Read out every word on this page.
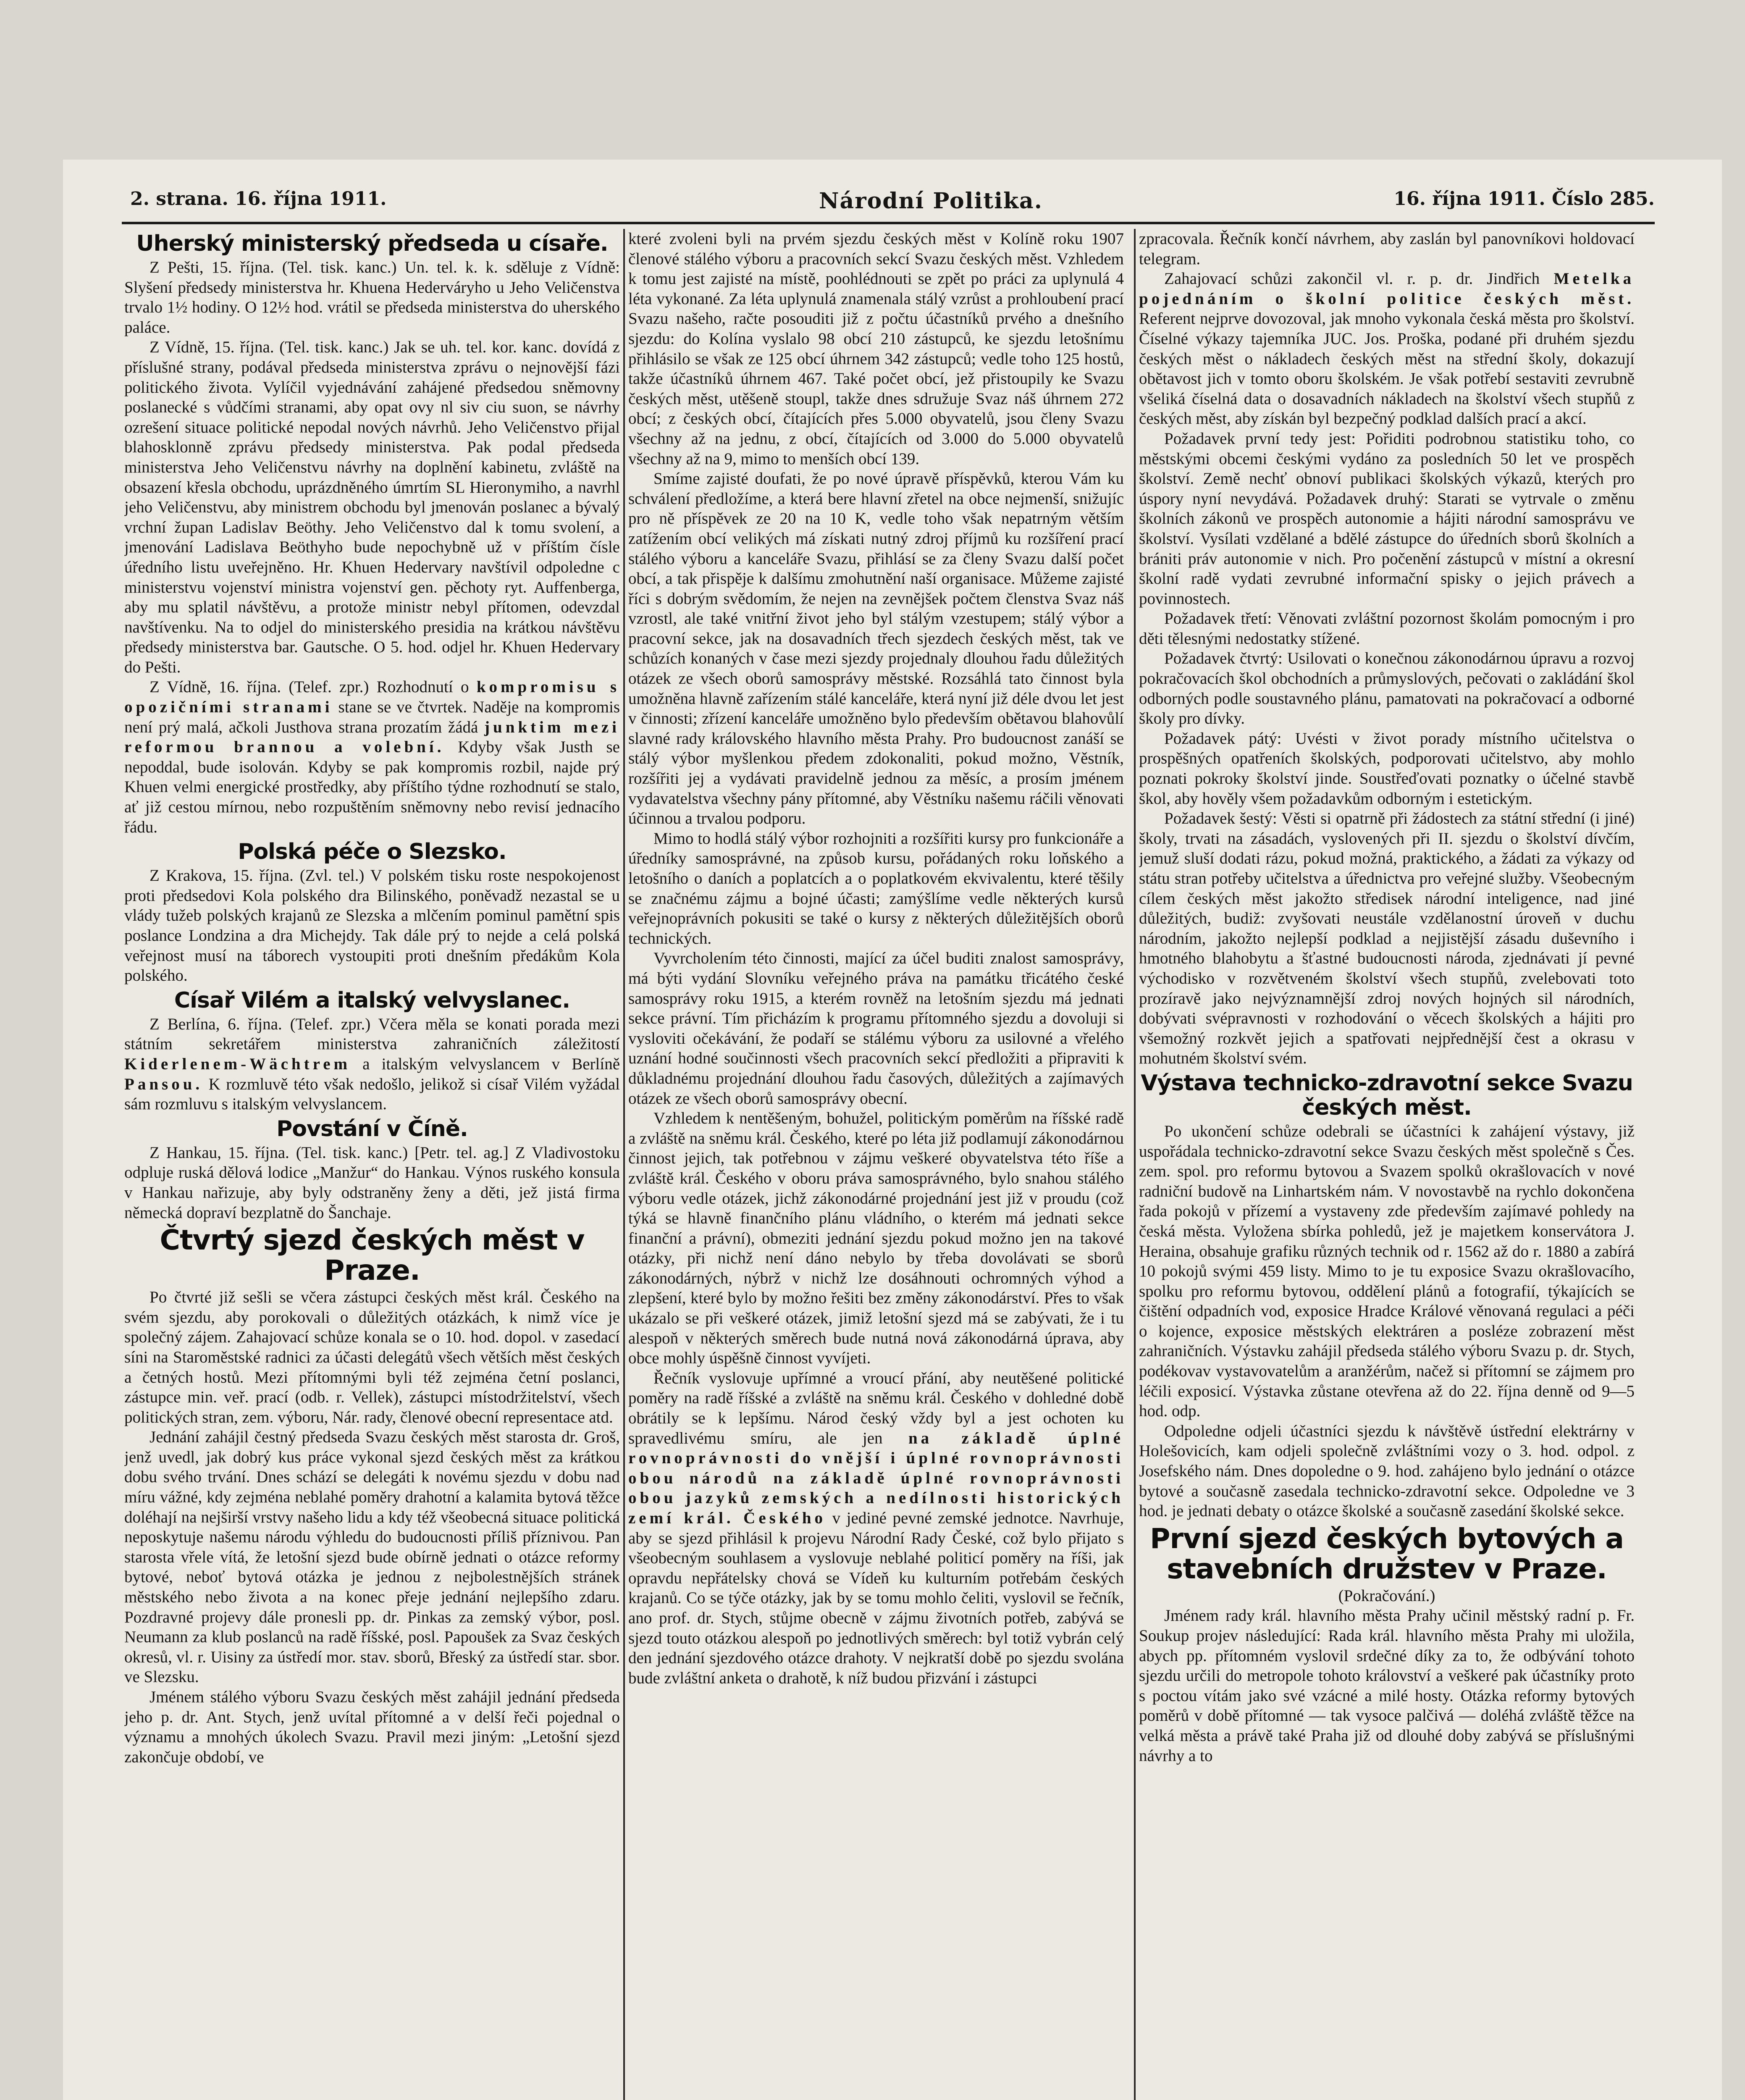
2. strana. 16. října 1911.	Národní Politika.	16. října 1911. Číslo 285.
Uherský ministerský předseda u císaře.

Z Pešti, 15. října. (Tel. tisk. kanc.) Un. tel. k. k. sděluje z Vídně: Slyšení předsedy ministerstva hr. Khuena Hederváryho u Jeho Veličenstva trvalo 1½ hodiny. O 12½ hod. vrátil se předseda ministerstva do uherského paláce.

Z Vídně, 15. října. (Tel. tisk. kanc.) Jak se uh. tel. kor. kanc. dovídá z příslušné strany, podával předseda ministerstva zprávu o nejnovější fázi politického života. Vylíčil vyjednávání zahájené předsedou sněmovny poslanecké s vůdčími stranami, aby opat ovy nl siv ciu suon, se návrhy ozrešení situace politické nepodal nových návrhů. Jeho Veličenstvo přijal blahosklonně zprávu předsedy ministerstva. Pak podal předseda ministerstva Jeho Veličenstvu návrhy na doplnění kabinetu, zvláště na obsazení křesla obchodu, uprázdněného úmrtím SL Hieronymiho, a navrhl jeho Veličenstvu, aby ministrem obchodu byl jmenován poslanec a bývalý vrchní župan Ladislav Beöthy. Jeho Veličenstvo dal k tomu svolení, a jmenování Ladislava Beöthyho bude nepochybně už v příštím čísle úředního listu uveřejněno. Hr. Khuen Hedervary navštívil odpoledne c ministerstvu vojenství ministra vojenství gen. pěchoty ryt. Auffenberga, aby mu splatil návštěvu, a protože ministr nebyl přítomen, odevzdal navštívenku. Na to odjel do ministerského presidia na krátkou návštěvu předsedy ministerstva bar. Gautsche. O 5. hod. odjel hr. Khuen Hedervary do Pešti.

Z Vídně, 16. října. (Telef. zpr.) Rozhodnutí o kompromisu s opozičními stranami stane se ve čtvrtek. Naděje na kompromis není prý malá, ačkoli Justhova strana prozatím žádá junktim mezi reformou brannou a volební. Kdyby však Justh se nepoddal, bude isolován. Kdyby se pak kompromis rozbil, najde prý Khuen velmi energické prostředky, aby příštího týdne rozhodnutí se stalo, ať již cestou mírnou, nebo rozpuštěním sněmovny nebo revisí jednacího řádu.

Polská péče o Slezsko.

Z Krakova, 15. října. (Zvl. tel.) V polském tisku roste nespokojenost proti předsedovi Kola polského dra Bilinského, poněvadž nezastal se u vlády tužeb polských krajanů ze Slezska a mlčením pominul pamětní spis poslance Londzina a dra Michejdy. Tak dále prý to nejde a celá polská veřejnost musí na táborech vystoupiti proti dnešním předákům Kola polského.

Císař Vilém a italský velvyslanec.

Z Berlína, 6. října. (Telef. zpr.) Včera měla se konati porada mezi státním sekretářem ministerstva zahraničních záležitostí Kiderlenem-Wächtrem a italským velvyslancem v Berlíně Pansou. K rozmluvě této však nedošlo, jelikož si císař Vilém vyžádal sám rozmluvu s italským velvyslancem.

Povstání v Číně.

Z Hankau, 15. října. (Tel. tisk. kanc.) [Petr. tel. ag.] Z Vladivostoku odpluje ruská dělová lodice „Manžur“ do Hankau. Výnos ruského konsula v Hankau nařizuje, aby byly odstraněny ženy a děti, jež jistá firma německá dopraví bezplatně do Šanchaje.

Čtvrtý sjezd českých měst v Praze.

Po čtvrté již sešli se včera zástupci českých měst král. Českého na svém sjezdu, aby porokovali o důležitých otázkách, k nimž více je společný zájem. Zahajovací schůze konala se o 10. hod. dopol. v zasedací síni na Staroměstské radnici za účasti delegátů všech větších měst českých a četných hostů. Mezi přítomnými byli též zejména četní poslanci, zástupce min. veř. prací (odb. r. Vellek), zástupci místodržitelství, všech politických stran, zem. výboru, Nár. rady, členové obecní representace atd.

Jednání zahájil čestný předseda Svazu českých měst starosta dr. Groš, jenž uvedl, jak dobrý kus práce vykonal sjezd českých měst za krátkou dobu svého trvání. Dnes schází se delegáti k novému sjezdu v dobu nad míru vážné, kdy zejména neblahé poměry drahotní a kalamita bytová těžce doléhají na nejširší vrstvy našeho lidu a kdy též všeobecná situace politická neposkytuje našemu národu výhledu do budoucnosti příliš příznivou. Pan starosta vřele vítá, že letošní sjezd bude obírně jednati o otázce reformy bytové, neboť bytová otázka je jednou z nejbolestnějších stránek městského nebo života a na konec přeje jednání nejlepšího zdaru. Pozdravné projevy dále pronesli pp. dr. Pinkas za zemský výbor, posl. Neumann za klub poslanců na radě říšské, posl. Papoušek za Svaz českých okresů, vl. r. Uisiny za ústředí mor. stav. sborů, Břeský za ústředí star. sbor. ve Slezsku.

Jménem stálého výboru Svazu českých měst zahájil jednání předseda jeho p. dr. Ant. Stych, jenž uvítal přítomné a v delší řeči pojednal o významu a mnohých úkolech Svazu. Pravil mezi jiným: „Letošní sjezd zakončuje období, ve

které zvoleni byli na prvém sjezdu českých měst v Kolíně roku 1907 členové stálého výboru a pracovních sekcí Svazu českých měst. Vzhledem k tomu jest zajisté na místě, poohlédnouti se zpět po práci za uplynulá 4 léta vykonané. Za léta uplynulá znamenala stálý vzrůst a prohloubení prací Svazu našeho, račte posouditi již z počtu účastníků prvého a dnešního sjezdu: do Kolína vyslalo 98 obcí 210 zástupců, ke sjezdu letošnímu přihlásilo se však ze 125 obcí úhrnem 342 zástupců; vedle toho 125 hostů, takže účastníků úhrnem 467. Také počet obcí, jež přistoupily ke Svazu českých měst, utěšeně stoupl, takže dnes sdružuje Svaz náš úhrnem 272 obcí; z českých obcí, čítajících přes 5.000 obyvatelů, jsou členy Svazu všechny až na jednu, z obcí, čítajících od 3.000 do 5.000 obyvatelů všechny až na 9, mimo to menších obcí 139.

Smíme zajisté doufati, že po nové úpravě příspěvků, kterou Vám ku schválení předložíme, a která bere hlavní zřetel na obce nejmenší, snižujíc pro ně příspěvek ze 20 na 10 K, vedle toho však nepatrným větším zatížením obcí velikých má získati nutný zdroj příjmů ku rozšíření prací stálého výboru a kanceláře Svazu, přihlásí se za členy Svazu další počet obcí, a tak přispěje k dalšímu zmohutnění naší organisace. Můžeme zajisté říci s dobrým svědomím, že nejen na zevnějšek počtem členstva Svaz náš vzrostl, ale také vnitřní život jeho byl stálým vzestupem; stálý výbor a pracovní sekce, jak na dosavadních třech sjezdech českých měst, tak ve schůzích konaných v čase mezi sjezdy projednaly dlouhou řadu důležitých otázek ze všech oborů samosprávy městské. Rozsáhlá tato činnost byla umožněna hlavně zařízením stálé kanceláře, která nyní již déle dvou let jest v činnosti; zřízení kanceláře umožněno bylo především obětavou blahovůlí slavné rady královského hlavního města Prahy. Pro budoucnost zanáší se stálý výbor myšlenkou předem zdokonaliti, pokud možno, Věstník, rozšířiti jej a vydávati pravidelně jednou za měsíc, a prosím jménem vydavatelstva všechny pány přítomné, aby Věstníku našemu ráčili věnovati účinnou a trvalou podporu.

Mimo to hodlá stálý výbor rozhojniti a rozšířiti kursy pro funkcionáře a úředníky samosprávné, na způsob kursu, pořádaných roku loňského a letošního o daních a poplatcích a o poplatkovém ekvivalentu, které těšily se značnému zájmu a bojné účasti; zamýšlíme vedle některých kursů veřejnoprávních pokusiti se také o kursy z některých důležitějších oborů technických.

Vyvrcholením této činnosti, mající za účel buditi znalost samosprávy, má býti vydání Slovníku veřejného práva na památku třicátého české samosprávy roku 1915, a kterém rovněž na letošním sjezdu má jednati sekce právní. Tím přicházím k programu přítomného sjezdu a dovoluji si vysloviti očekávání, že podaří se stálému výboru za usilovné a vřelého uznání hodné součinnosti všech pracovních sekcí předložiti a připraviti k důkladnému projednání dlouhou řadu časových, důležitých a zajímavých otázek ze všech oborů samosprávy obecní.

Vzhledem k nentěšeným, bohužel, politickým poměrům na říšské radě a zvláště na sněmu král. Českého, které po léta již podlamují zákonodárnou činnost jejich, tak potřebnou v zájmu veškeré obyvatelstva této říše a zvláště král. Českého v oboru práva samosprávného, bylo snahou stálého výboru vedle otázek, jichž zákonodárné projednání jest již v proudu (což týká se hlavně finančního plánu vládního, o kterém má jednati sekce finanční a právní), obmeziti jednání sjezdu pokud možno jen na takové otázky, při nichž není dáno nebylo by třeba dovolávati se sborů zákonodárných, nýbrž v nichž lze dosáhnouti ochromných výhod a zlepšení, které bylo by možno řešiti bez změny zákonodárství. Přes to však ukázalo se při veškeré otázek, jimiž letošní sjezd má se zabývati, že i tu alespoň v některých směrech bude nutná nová zákonodárná úprava, aby obce mohly úspěšně činnost vyvíjeti.

Řečník vyslovuje upřímné a vroucí přání, aby neutěšené politické poměry na radě říšské a zvláště na sněmu král. Českého v dohledné době obrátily se k lepšímu. Národ český vždy byl a jest ochoten ku spravedlivému smíru, ale jen na základě úplné rovnoprávnosti do vnější i úplné rovnoprávnosti obou národů na základě úplné rovnoprávnosti obou jazyků zemských a nedílnosti historických zemí král. Českého v jediné pevné zemské jednotce. Navrhuje, aby se sjezd přihlásil k projevu Národní Rady České, což bylo přijato s všeobecným souhlasem a vyslovuje neblahé politicí poměry na říši, jak opravdu nepřátelsky chová se Vídeň ku kulturním potřebám českých krajanů. Co se týče otázky, jak by se tomu mohlo čeliti, vyslovil se řečník, ano prof. dr. Stych, stůjme obecně v zájmu životních potřeb, zabývá se sjezd touto otázkou alespoň po jednotlivých směrech: byl totiž vybrán celý den jednání sjezdového otázce drahoty. V nejkratší době po sjezdu svolána bude zvláštní anketa o drahotě, k níž budou přizvání i zástupci

zpracovala. Řečník končí návrhem, aby zaslán byl panovníkovi holdovací telegram.

Zahajovací schůzi zakončil vl. r. p. dr. Jindřich Metelka pojednáním o školní politice českých měst. Referent nejprve dovozoval, jak mnoho vykonala česká města pro školství. Číselné výkazy tajemníka JUC. Jos. Proška, podané při druhém sjezdu českých měst o nákladech českých měst na střední školy, dokazují obětavost jich v tomto oboru školském. Je však potřebí sestaviti zevrubně všeliká číselná data o dosavadních nákladech na školství všech stupňů z českých měst, aby získán byl bezpečný podklad dalších prací a akcí.

Požadavek první tedy jest: Pořiditi podrobnou statistiku toho, co městskými obcemi českými vydáno za posledních 50 let ve prospěch školství. Země nechť obnoví publikaci školských výkazů, kterých pro úspory nyní nevydává. Požadavek druhý: Starati se vytrvale o změnu školních zákonů ve prospěch autonomie a hájiti národní samosprávu ve školství. Vysílati vzdělané a bdělé zástupce do úředních sborů školních a brániti práv autonomie v nich. Pro počenění zástupců v místní a okresní školní radě vydati zevrubné informační spisky o jejich právech a povinnostech.

Požadavek třetí: Věnovati zvláštní pozornost školám pomocným i pro děti tělesnými nedostatky stížené.

Požadavek čtvrtý: Usilovati o konečnou zákonodárnou úpravu a rozvoj pokračovacích škol obchodních a průmyslových, pečovati o zakládání škol odborných podle soustavného plánu, pamatovati na pokračovací a odborné školy pro dívky.

Požadavek pátý: Uvésti v život porady místního učitelstva o prospěšných opatřeních školských, podporovati učitelstvo, aby mohlo poznati pokroky školství jinde. Soustřeďovati poznatky o účelné stavbě škol, aby hověly všem požadavkům odborným i estetickým.

Požadavek šestý: Věsti si opatrně při žádostech za státní střední (i jiné) školy, trvati na zásadách, vyslovených při II. sjezdu o školství dívčím, jemuž sluší dodati rázu, pokud možná, praktického, a žádati za výkazy od státu stran potřeby učitelstva a úřednictva pro veřejné služby. Všeobecným cílem českých měst jakožto středisek národní inteligence, nad jiné důležitých, budiž: zvyšovati neustále vzdělanostní úroveň v duchu národním, jakožto nejlepší podklad a nejjistější zásadu duševního i hmotného blahobytu a šťastné budoucnosti národa, zjednávati jí pevné východisko v rozvětveném školství všech stupňů, zvelebovati toto prozíravě jako nejvýznamnější zdroj nových hojných sil národních, dobývati svépravnosti v rozhodování o věcech školských a hájiti pro všemožný rozkvět jejich a spatřovati nejpřednější čest a okrasu v mohutném školství svém.

Výstava technicko-zdravotní sekce Svazu českých měst.

Po ukončení schůze odebrali se účastníci k zahájení výstavy, již uspořádala technicko-zdravotní sekce Svazu českých měst společně s Čes. zem. spol. pro reformu bytovou a Svazem spolků okrašlovacích v nové radniční budově na Linhartském nám. V novostavbě na rychlo dokončena řada pokojů v přízemí a vystaveny zde především zajímavé pohledy na česká města. Vyložena sbírka pohledů, jež je majetkem konservátora J. Heraina, obsahuje grafiku různých technik od r. 1562 až do r. 1880 a zabírá 10 pokojů svými 459 listy. Mimo to je tu exposice Svazu okrašlovacího, spolku pro reformu bytovou, oddělení plánů a fotografií, týkajících se čištění odpadních vod, exposice Hradce Králové věnovaná regulaci a péči o kojence, exposice městských elektráren a posléze zobrazení měst zahraničních. Výstavku zahájil předseda stálého výboru Svazu p. dr. Stych, podékovav vystavovatelům a aranžérům, načež si přítomní se zájmem pro léčili exposicí. Výstavka zůstane otevřena až do 22. října denně od 9—5 hod. odp.

Odpoledne odjeli účastníci sjezdu k návštěvě ústřední elektrárny v Holešovicích, kam odjeli společně zvláštními vozy o 3. hod. odpol. z Josefského nám. Dnes dopoledne o 9. hod. zahájeno bylo jednání o otázce bytové a současně zasedala technicko-zdravotní sekce. Odpoledne ve 3 hod. je jednati debaty o otázce školské a současně zasedání školské sekce.

První sjezd českých bytových a stavebních družstev v Praze.

(Pokračování.)

Jménem rady král. hlavního města Prahy učinil městský radní p. Fr. Soukup projev následující: Rada král. hlavního města Prahy mi uložila, abych pp. přítomném vyslovil srdečné díky za to, že odbývání tohoto sjezdu určili do metropole tohoto království a veškeré pak účastníky proto s poctou vítám jako své vzácné a milé hosty. Otázka reformy bytových poměrů v době přítomné — tak vysoce palčivá — doléhá zvláště těžce na velká města a právě také Praha již od dlouhé doby zabývá se příslušnými návrhy a to
